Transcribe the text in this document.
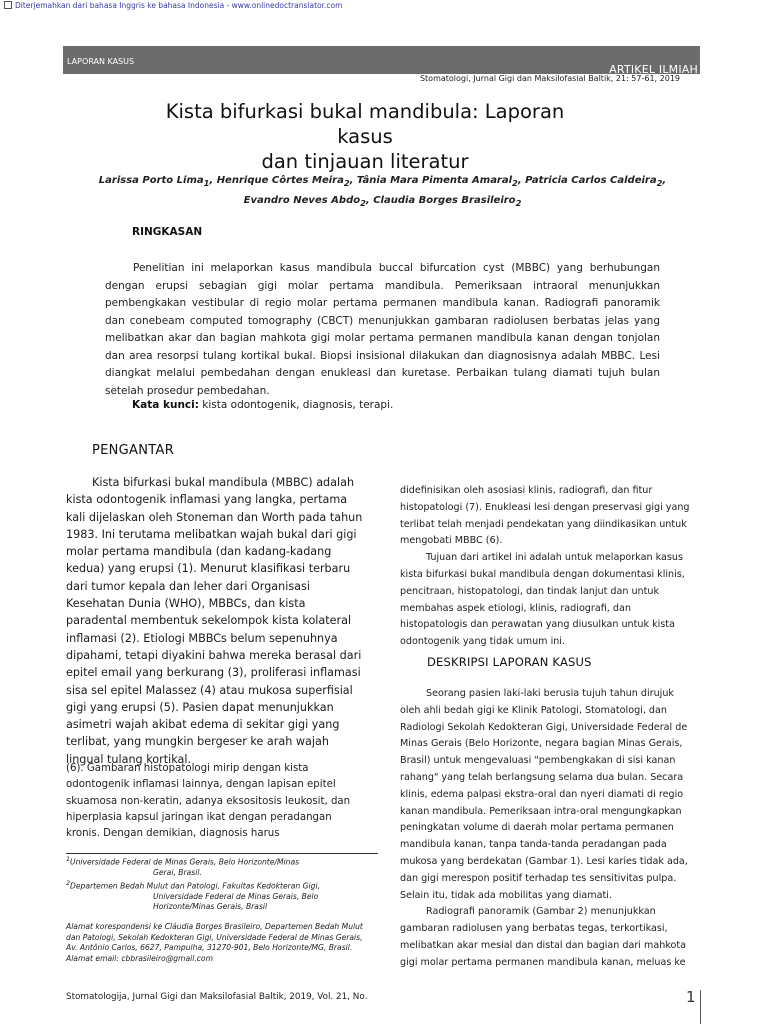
Diterjemahkan dari bahasa Inggris ke bahasa Indonesia - www.onlinedoctranslator.com
LAPORAN KASUS
ARTIKEL ILMIAH
Stomatologi, Jurnal Gigi dan Maksilofasial Baltik, 21: 57-61, 2019
Kista bifurkasi bukal mandibula: Laporan
kasus
dan tinjauan literatur
Larissa Porto Lima$_1$, Henrique Côrtes Meira$_2$, Tânia Mara Pimenta Amaral$_2$, Patricia Carlos Caldeira$_2$,
Evandro Neves Abdo$_2$, Claudia Borges Brasileiro$_2$
RINGKASAN

Penelitian ini melaporkan kasus mandibula buccal bifurcation cyst (MBBC) yang berhubungan dengan erupsi sebagian gigi molar pertama mandibula. Pemeriksaan intraoral menunjukkan pembengkakan vestibular di regio molar pertama permanen mandibula kanan. Radiografi panoramik dan conebeam computed tomography (CBCT) menunjukkan gambaran radiolusen berbatas jelas yang melibatkan akar dan bagian mahkota gigi molar pertama permanen mandibula kanan dengan tonjolan dan area resorpsi tulang kortikal bukal. Biopsi insisional dilakukan dan diagnosisnya adalah MBBC. Lesi diangkat melalui pembedahan dengan enukleasi dan kuretase. Perbaikan tulang diamati tujuh bulan setelah prosedur pembedahan.

Kata kunci: kista odontogenik, diagnosis, terapi.
PENGANTAR

Kista bifurkasi bukal mandibula (MBBC) adalah kista odontogenik inflamasi yang langka, pertama kali dijelaskan oleh Stoneman dan Worth pada tahun 1983. Ini terutama melibatkan wajah bukal dari gigi molar pertama mandibula (dan kadang-kadang kedua) yang erupsi (1). Menurut klasifikasi terbaru dari tumor kepala dan leher dari Organisasi Kesehatan Dunia (WHO), MBBCs, dan kista paradental membentuk sekelompok kista kolateral inflamasi (2). Etiologi MBBCs belum sepenuhnya dipahami, tetapi diyakini bahwa mereka berasal dari epitel email yang berkurang (3), proliferasi inflamasi sisa sel epitel Malassez (4) atau mukosa superfisial gigi yang erupsi (5). Pasien dapat menunjukkan asimetri wajah akibat edema di sekitar gigi yang terlibat, yang mungkin bergeser ke arah wajah lingual tulang kortikal.

(6). Gambaran histopatologi mirip dengan kista odontogenik inflamasi lainnya, dengan lapisan epitel skuamosa non-keratin, adanya eksositosis leukosit, dan hiperplasia kapsul jaringan ikat dengan peradangan kronis. Dengan demikian, diagnosis harus

$^1$Universidade Federal de Minas Gerais, Belo Horizonte/Minas

Gerai, Brasil.

$^2$Departemen Bedah Mulut dan Patologi, Fakultas Kedokteran Gigi,

Universidade Federal de Minas Gerais, Belo

Horizonte/Minas Gerais, Brasil

Alamat korespondensi ke Cláudia Borges Brasileiro, Departemen Bedah Mulut dan Patologi, Sekolah Kedokteran Gigi, Universidade Federal de Minas Gerais, Av. Antônio Carlos, 6627, Pampulha, 31270-901, Belo Horizonte/MG, Brasil.

Alamat email: cbbrasileiro@gmail.com

didefinisikan oleh asosiasi klinis, radiografi, dan fitur histopatologi (7). Enukleasi lesi dengan preservasi gigi yang terlibat telah menjadi pendekatan yang diindikasikan untuk mengobati MBBC (6).

Tujuan dari artikel ini adalah untuk melaporkan kasus kista bifurkasi bukal mandibula dengan dokumentasi klinis, pencitraan, histopatologi, dan tindak lanjut dan untuk membahas aspek etiologi, klinis, radiografi, dan histopatologis dan perawatan yang diusulkan untuk kista odontogenik yang tidak umum ini.

DESKRIPSI LAPORAN KASUS

Seorang pasien laki-laki berusia tujuh tahun dirujuk oleh ahli bedah gigi ke Klinik Patologi, Stomatologi, dan Radiologi Sekolah Kedokteran Gigi, Universidade Federal de Minas Gerais (Belo Horizonte, negara bagian Minas Gerais, Brasil) untuk mengevaluasi "pembengkakan di sisi kanan rahang" yang telah berlangsung selama dua bulan. Secara klinis, edema palpasi ekstra-oral dan nyeri diamati di regio kanan mandibula. Pemeriksaan intra-oral mengungkapkan peningkatan volume di daerah molar pertama permanen mandibula kanan, tanpa tanda-tanda peradangan pada mukosa yang berdekatan (Gambar 1). Lesi karies tidak ada, dan gigi merespon positif terhadap tes sensitivitas pulpa. Selain itu, tidak ada mobilitas yang diamati.

Radiografi panoramik (Gambar 2) menunjukkan gambaran radiolusen yang berbatas tegas, terkortikasi, melibatkan akar mesial dan distal dan bagian dari mahkota gigi molar pertama permanen mandibula kanan, meluas ke

Stomatologija, Jurnal Gigi dan Maksilofasial Baltik, 2019, Vol. 21, No.	1
